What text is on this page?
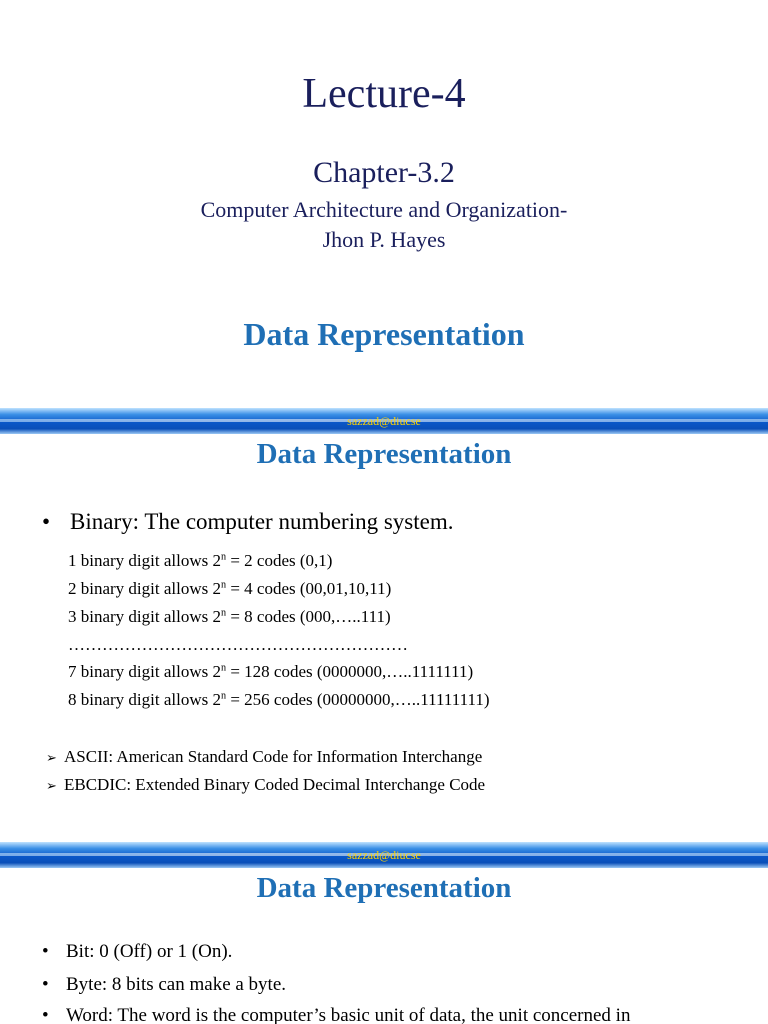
Lecture-4
Chapter-3.2
Computer Architecture and Organization-
Jhon P. Hayes
Data Representation
sazzad@diucse
Data Representation
• Binary: The computer numbering system.
1 binary digit allows $2^n = 2$ codes (0,1)
2 binary digit allows $2^n = 4$ codes (00,01,10,11)
3 binary digit allows $2^n = 8$ codes (000,…..111)
……………………………………………………
7 binary digit allows $2^n = 128$ codes (0000000,…..1111111)
8 binary digit allows $2^n = 256$ codes (00000000,…..11111111)
➢ ASCII: American Standard Code for Information Interchange
➢ EBCDIC: Extended Binary Coded Decimal Interchange Code
sazzad@diucse
Data Representation
• Bit: 0 (Off) or 1 (On).
• Byte: 8 bits can make a byte.
• Word: The word is the computer’s basic unit of data, the unit concerned in
